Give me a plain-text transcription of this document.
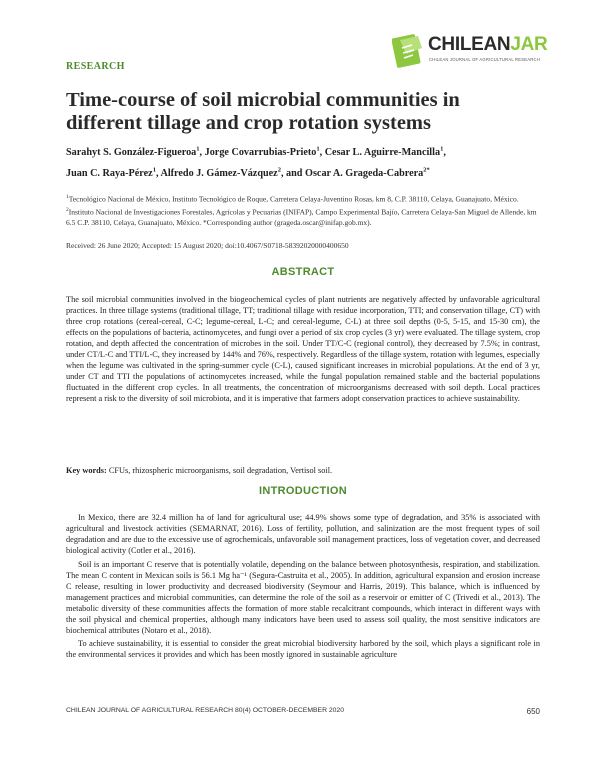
CHILEANJAR
CHILEAN JOURNAL OF AGRICULTURAL RESEARCH
RESEARCH
Time-course of soil microbial communities in different tillage and crop rotation systems
Sarahyt S. González-Figueroa$^1$, Jorge Covarrubias-Prieto$^1$, Cesar L. Aguirre-Mancilla$^1$,
Juan C. Raya-Pérez$^1$, Alfredo J. Gámez-Vázquez$^2$, and Oscar A. Grageda-Cabrera$^{2*}$

$^1$Tecnológico Nacional de México, Instituto Tecnológico de Roque, Carretera Celaya-Juventino Rosas, km 8, C.P. 38110, Celaya, Guanajuato, México.

$^2$Instituto Nacional de Investigaciones Forestales, Agrícolas y Pecuarias (INIFAP), Campo Experimental Bajío, Carretera Celaya-San Miguel de Allende, km 6.5 C.P. 38110, Celaya, Guanajuato, México. *Corresponding author (grageda.oscar@inifap.gob.mx).

Received: 26 June 2020; Accepted: 15 August 2020; doi:10.4067/S0718-58392020000400650
ABSTRACT

The soil microbial communities involved in the biogeochemical cycles of plant nutrients are negatively affected by unfavorable agricultural practices. In three tillage systems (traditional tillage, TT; traditional tillage with residue incorporation, TTI; and conservation tillage, CT) with three crop rotations (cereal-cereal, C-C; legume-cereal, L-C; and cereal-legume, C-L) at three soil depths (0-5, 5-15, and 15-30 cm), the effects on the populations of bacteria, actinomycetes, and fungi over a period of six crop cycles (3 yr) were evaluated. The tillage system, crop rotation, and depth affected the concentration of microbes in the soil. Under TT/C-C (regional control), they decreased by 7.5%; in contrast, under CT/L-C and TTI/L-C, they increased by 144% and 76%, respectively. Regardless of the tillage system, rotation with legumes, especially when the legume was cultivated in the spring-summer cycle (C-L), caused significant increases in microbial populations. At the end of 3 yr, under CT and TTI the populations of actinomycetes increased, while the fungal population remained stable and the bacterial populations fluctuated in the different crop cycles. In all treatments, the concentration of microorganisms decreased with soil depth. Local practices represent a risk to the diversity of soil microbiota, and it is imperative that farmers adopt conservation practices to achieve sustainability.

Key words: CFUs, rhizospheric microorganisms, soil degradation, Vertisol soil.
INTRODUCTION

In Mexico, there are 32.4 million ha of land for agricultural use; 44.9% shows some type of degradation, and 35% is associated with agricultural and livestock activities (SEMARNAT, 2016). Loss of fertility, pollution, and salinization are the most frequent types of soil degradation and are due to the excessive use of agrochemicals, unfavorable soil management practices, loss of vegetation cover, and decreased biological activity (Cotler et al., 2016).

Soil is an important C reserve that is potentially volatile, depending on the balance between photosynthesis, respiration, and stabilization. The mean C content in Mexican soils is 56.1 Mg ha⁻¹ (Segura-Castruita et al., 2005). In addition, agricultural expansion and erosion increase C release, resulting in lower productivity and decreased biodiversity (Seymour and Harris, 2019). This balance, which is influenced by management practices and microbial communities, can determine the role of the soil as a reservoir or emitter of C (Trivedi et al., 2013). The metabolic diversity of these communities affects the formation of more stable recalcitrant compounds, which interact in different ways with the soil physical and chemical properties, although many indicators have been used to assess soil quality, the most sensitive indicators are biochemical attributes (Notaro et al., 2018).

To achieve sustainability, it is essential to consider the great microbial biodiversity harbored by the soil, which plays a significant role in the environmental services it provides and which has been mostly ignored in sustainable agriculture

CHILEAN JOURNAL OF AGRICULTURAL RESEARCH 80(4) OCTOBER-DECEMBER 2020	650
